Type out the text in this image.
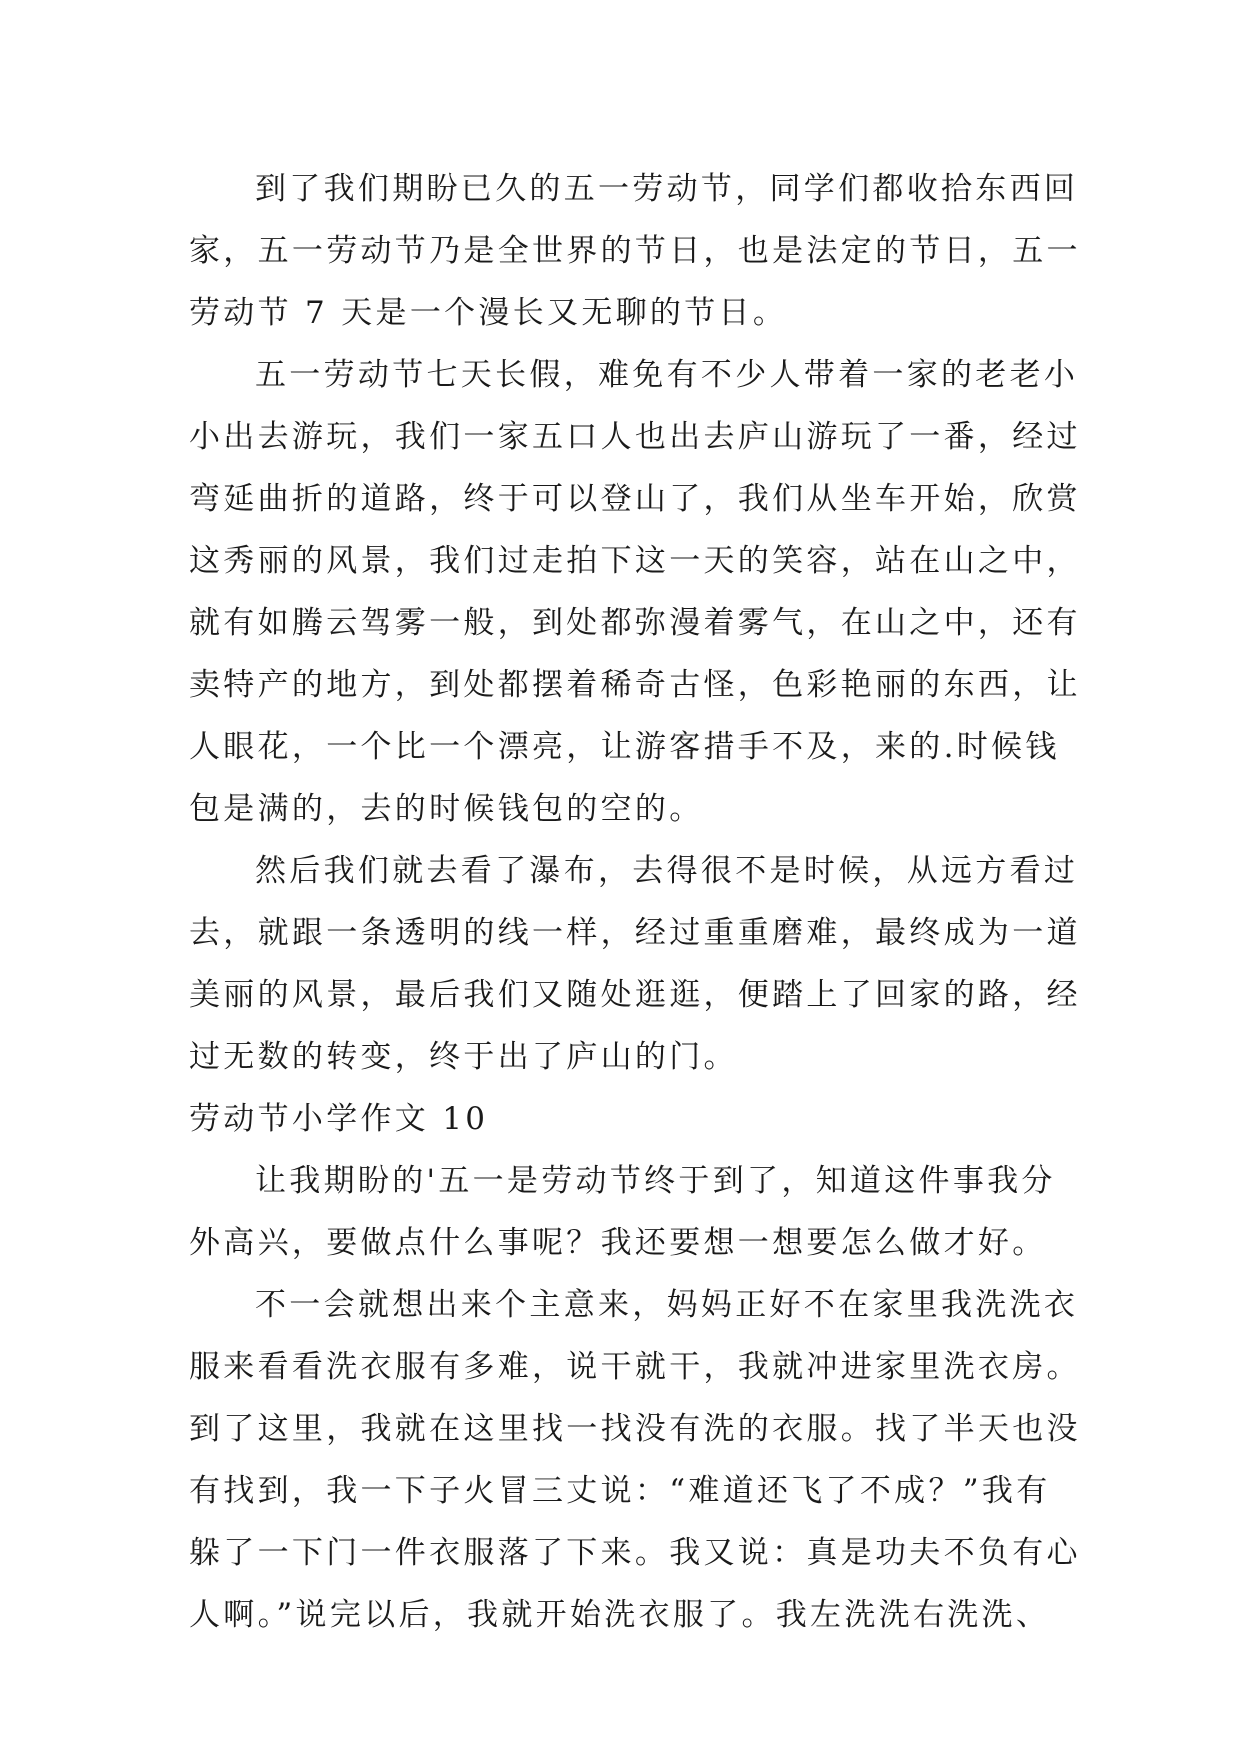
到了我们期盼已久的五一劳动节，同学们都收拾东西回
家，五一劳动节乃是全世界的节日，也是法定的节日，五一
劳动节 7 天是一个漫长又无聊的节日。
五一劳动节七天长假，难免有不少人带着一家的老老小
小出去游玩，我们一家五口人也出去庐山游玩了一番，经过
弯延曲折的道路，终于可以登山了，我们从坐车开始，欣赏
这秀丽的风景，我们过走拍下这一天的笑容，站在山之中，
就有如腾云驾雾一般，到处都弥漫着雾气，在山之中，还有
卖特产的地方，到处都摆着稀奇古怪，色彩艳丽的东西，让
人眼花，一个比一个漂亮，让游客措手不及，来的.时候钱
包是满的，去的时候钱包的空的。
然后我们就去看了瀑布，去得很不是时候，从远方看过
去，就跟一条透明的线一样，经过重重磨难，最终成为一道
美丽的风景，最后我们又随处逛逛，便踏上了回家的路，经
过无数的转变，终于出了庐山的门。
劳动节小学作文 10
让我期盼的'五一是劳动节终于到了，知道这件事我分
外高兴，要做点什么事呢？我还要想一想要怎么做才好。
不一会就想出来个主意来，妈妈正好不在家里我洗洗衣
服来看看洗衣服有多难，说干就干，我就冲进家里洗衣房。
到了这里，我就在这里找一找没有洗的衣服。找了半天也没
有找到，我一下子火冒三丈说：“难道还飞了不成？”我有
躲了一下门一件衣服落了下来。我又说：真是功夫不负有心
人啊。”说完以后，我就开始洗衣服了。我左洗洗右洗洗、
